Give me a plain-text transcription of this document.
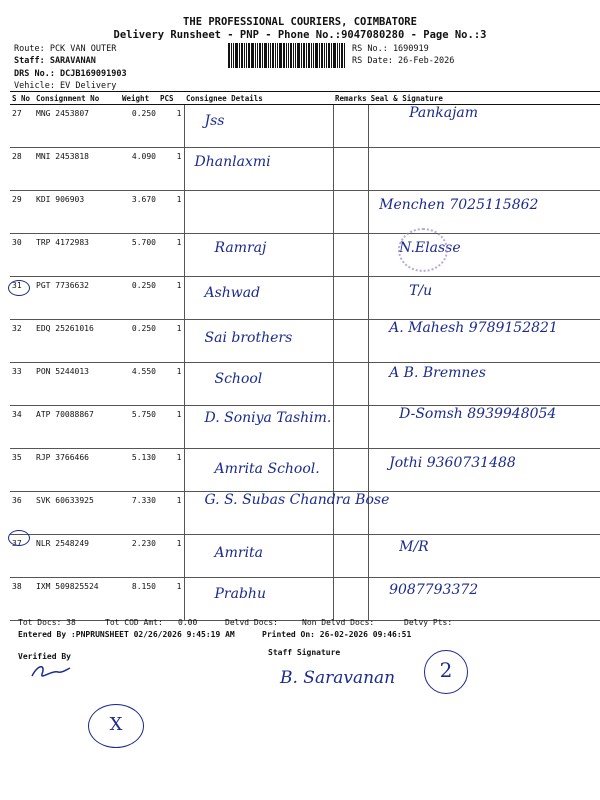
THE PROFESSIONAL COURIERS, COIMBATORE
Delivery Runsheet - PNP - Phone No.:9047080280 - Page No.:3
Route: PCK VAN OUTER
Staff: SARAVANAN
DRS No.: DCJB169091903
Vehicle: EV Delivery
RS No.: 1690919
RS Date: 26-Feb-2026
S No	Consignment No	Weight	PCS	Consignee Details	Remarks	Seal & Signature
27	MNG 2453807	0.250	1	Jss		Pankajam

28	MNI 2453818	4.090	1	Dhanlaxmi		

29	KDI 906903	3.670	1			Menchen 7025115862

30	TRP 4172983	5.700	1	Ramraj		N.Elasse

31	PGT 7736632	0.250	1	Ashwad		T/u

32	EDQ 25261016	0.250	1	Sai brothers		A. Mahesh 9789152821

33	PON 5244013	4.550	1	School		A B. Bremnes

34	ATP 70088867	5.750	1	D. Soniya Tashim.		D-Somsh 8939948054

35	RJP 3766466	5.130	1	Amrita School.		Jothi 9360731488

36	SVK 60633925	7.330	1	G. S. Subas Chandra Bose		

37	NLR 2548249	2.230	1	Amrita		M/R

38	IXM 509825524	8.150	1	Prabhu		9087793372
Tot Docs: 38	Tot COD Amt: 0.00	Delvd Docs:	Non Delvd Docs:	Delvy Pts:
Entered By :PNPRUNSHEET 02/26/2026 9:45:19 AM	Printed On: 26-02-2026 09:46:51
Verified By	Staff Signature
B. Saravanan	2
X
